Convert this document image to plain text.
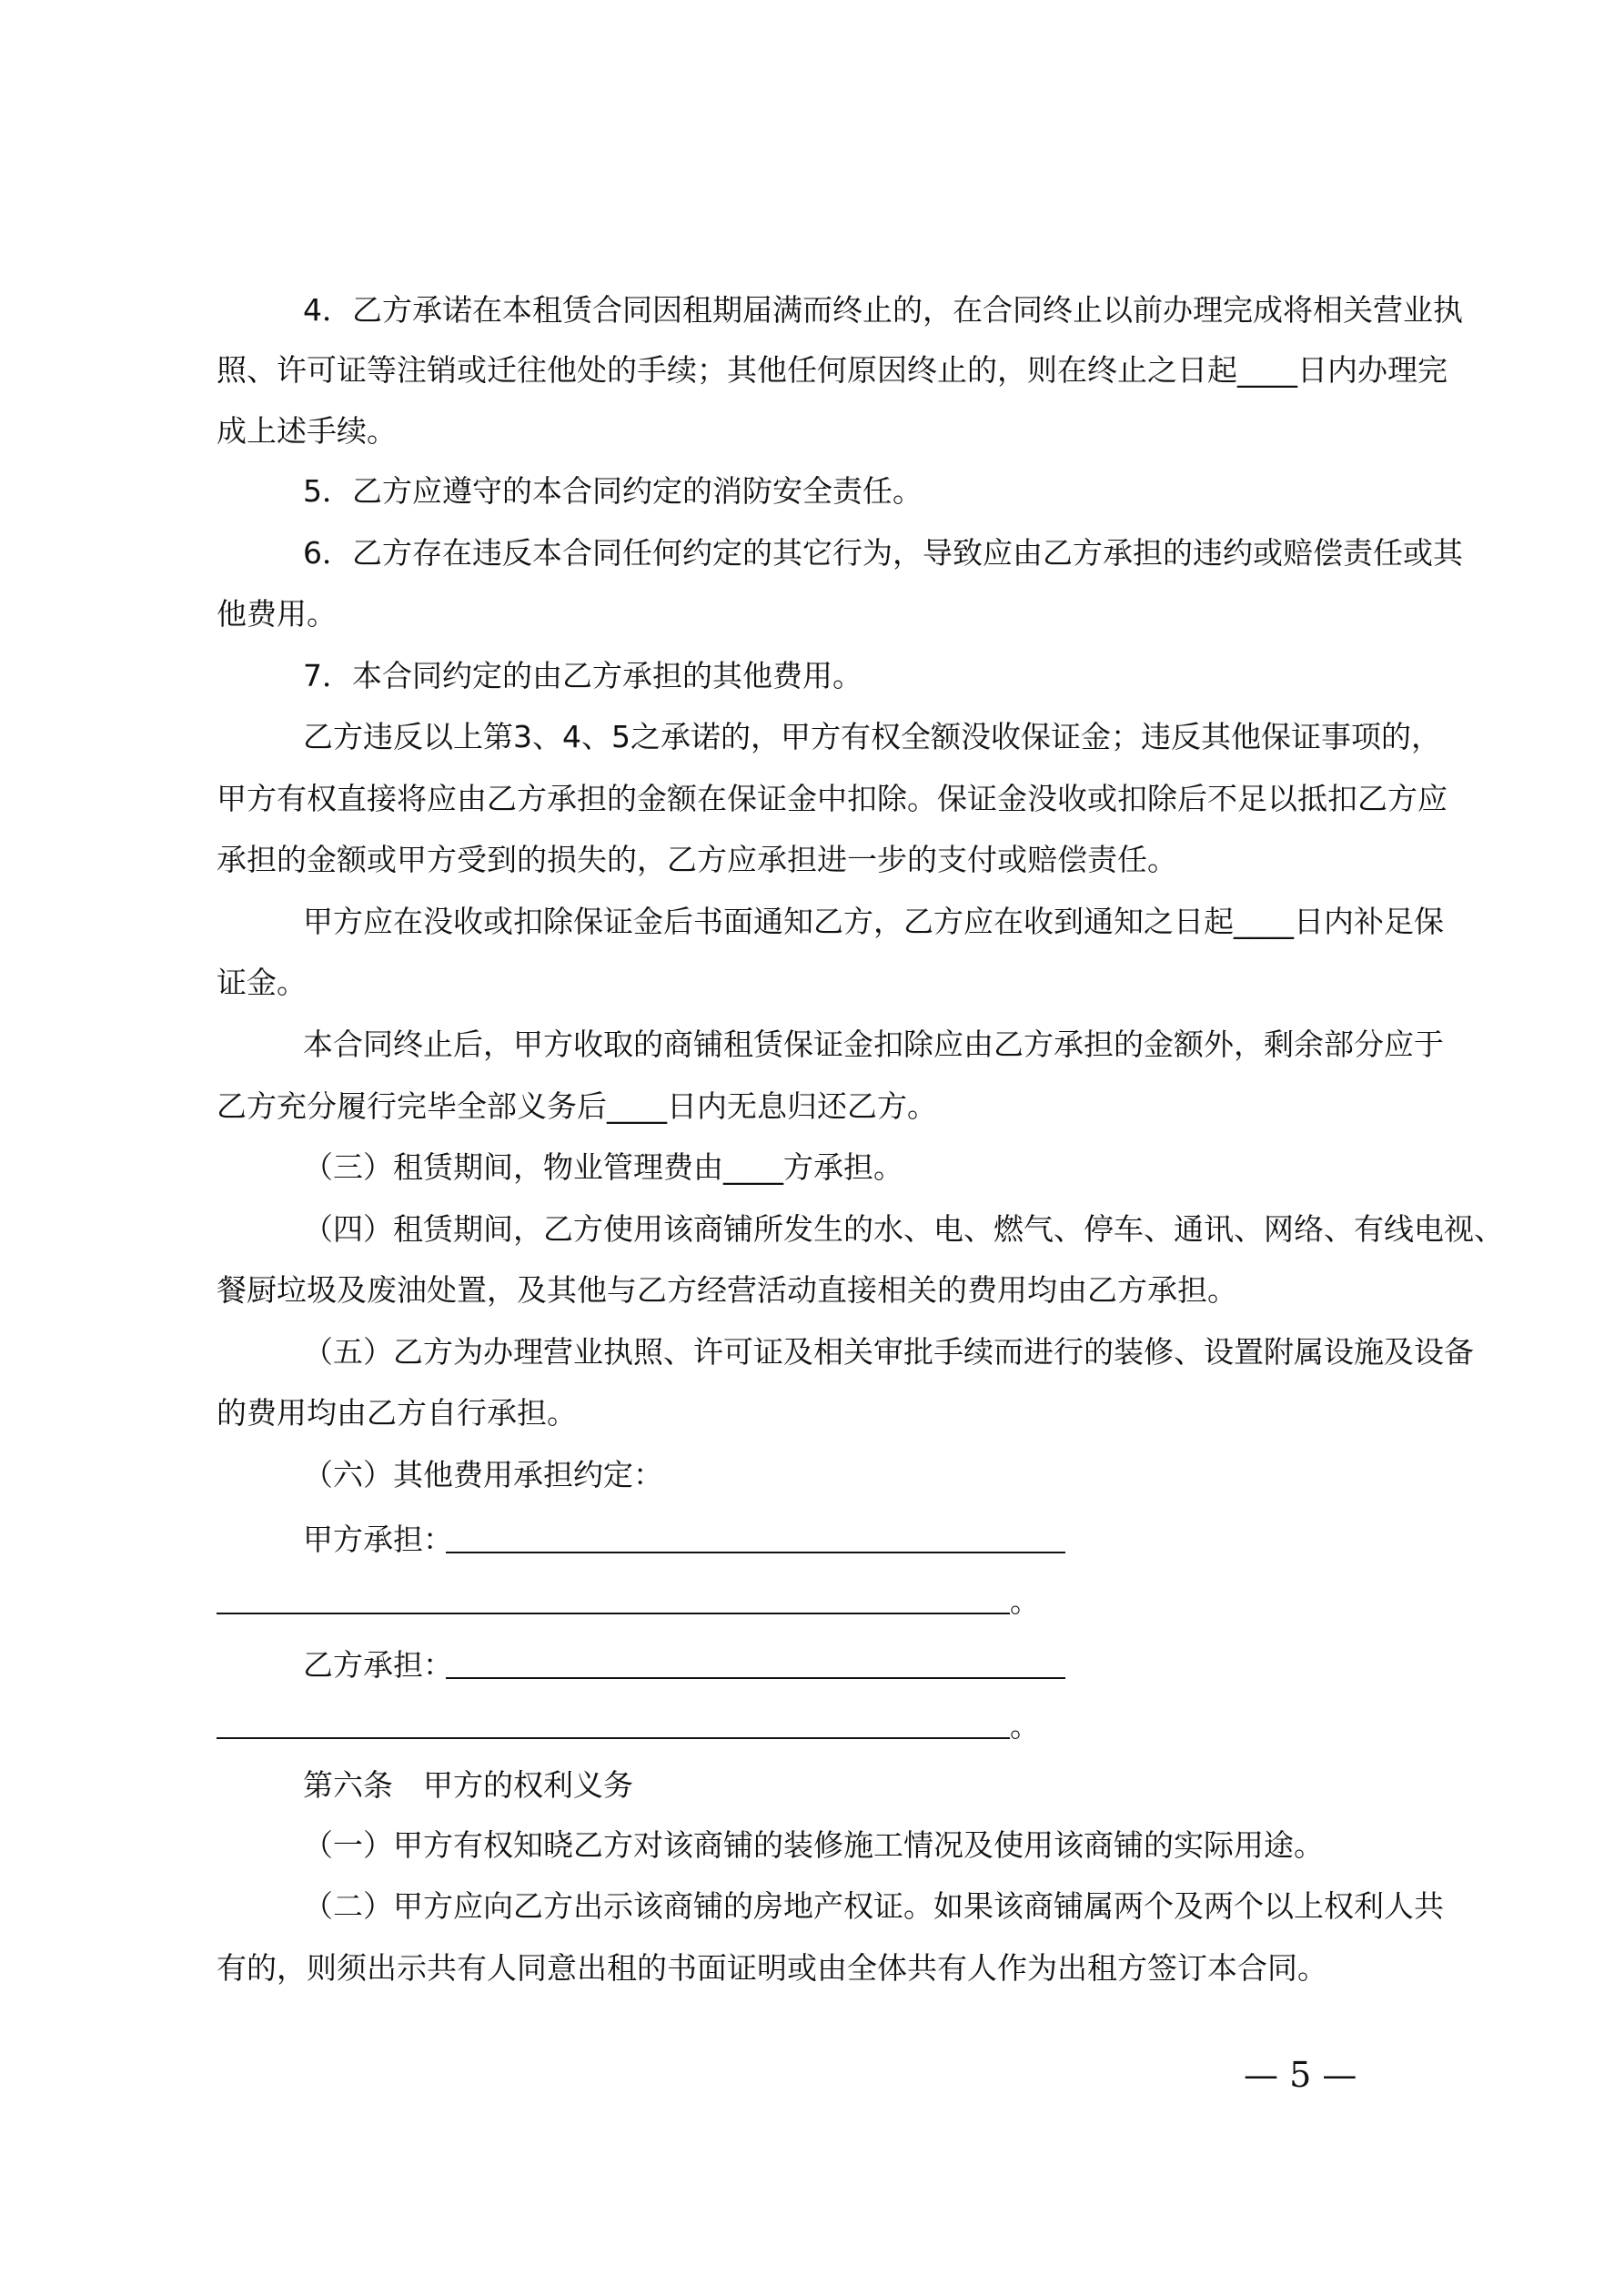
4．乙方承诺在本租赁合同因租期届满而终止的，在合同终止以前办理完成将相关营业执
照、许可证等注销或迁往他处的手续；其他任何原因终止的，则在终止之日起____日内办理完
成上述手续。
5．乙方应遵守的本合同约定的消防安全责任。
6．乙方存在违反本合同任何约定的其它行为，导致应由乙方承担的违约或赔偿责任或其
他费用。
7．本合同约定的由乙方承担的其他费用。
乙方违反以上第3、4、5之承诺的，甲方有权全额没收保证金；违反其他保证事项的，
甲方有权直接将应由乙方承担的金额在保证金中扣除。保证金没收或扣除后不足以抵扣乙方应
承担的金额或甲方受到的损失的，乙方应承担进一步的支付或赔偿责任。
甲方应在没收或扣除保证金后书面通知乙方，乙方应在收到通知之日起____日内补足保
证金。
本合同终止后，甲方收取的商铺租赁保证金扣除应由乙方承担的金额外，剩余部分应于
乙方充分履行完毕全部义务后____日内无息归还乙方。
（三）租赁期间，物业管理费由____方承担。
（四）租赁期间，乙方使用该商铺所发生的水、电、燃气、停车、通讯、网络、有线电视、
餐厨垃圾及废油处置，及其他与乙方经营活动直接相关的费用均由乙方承担。
（五）乙方为办理营业执照、许可证及相关审批手续而进行的装修、设置附属设施及设备
的费用均由乙方自行承担。
（六）其他费用承担约定：
甲方承担：
。
乙方承担：
。
第六条　甲方的权利义务
（一）甲方有权知晓乙方对该商铺的装修施工情况及使用该商铺的实际用途。
（二）甲方应向乙方出示该商铺的房地产权证。如果该商铺属两个及两个以上权利人共
有的，则须出示共有人同意出租的书面证明或由全体共有人作为出租方签订本合同。
— 5 —
